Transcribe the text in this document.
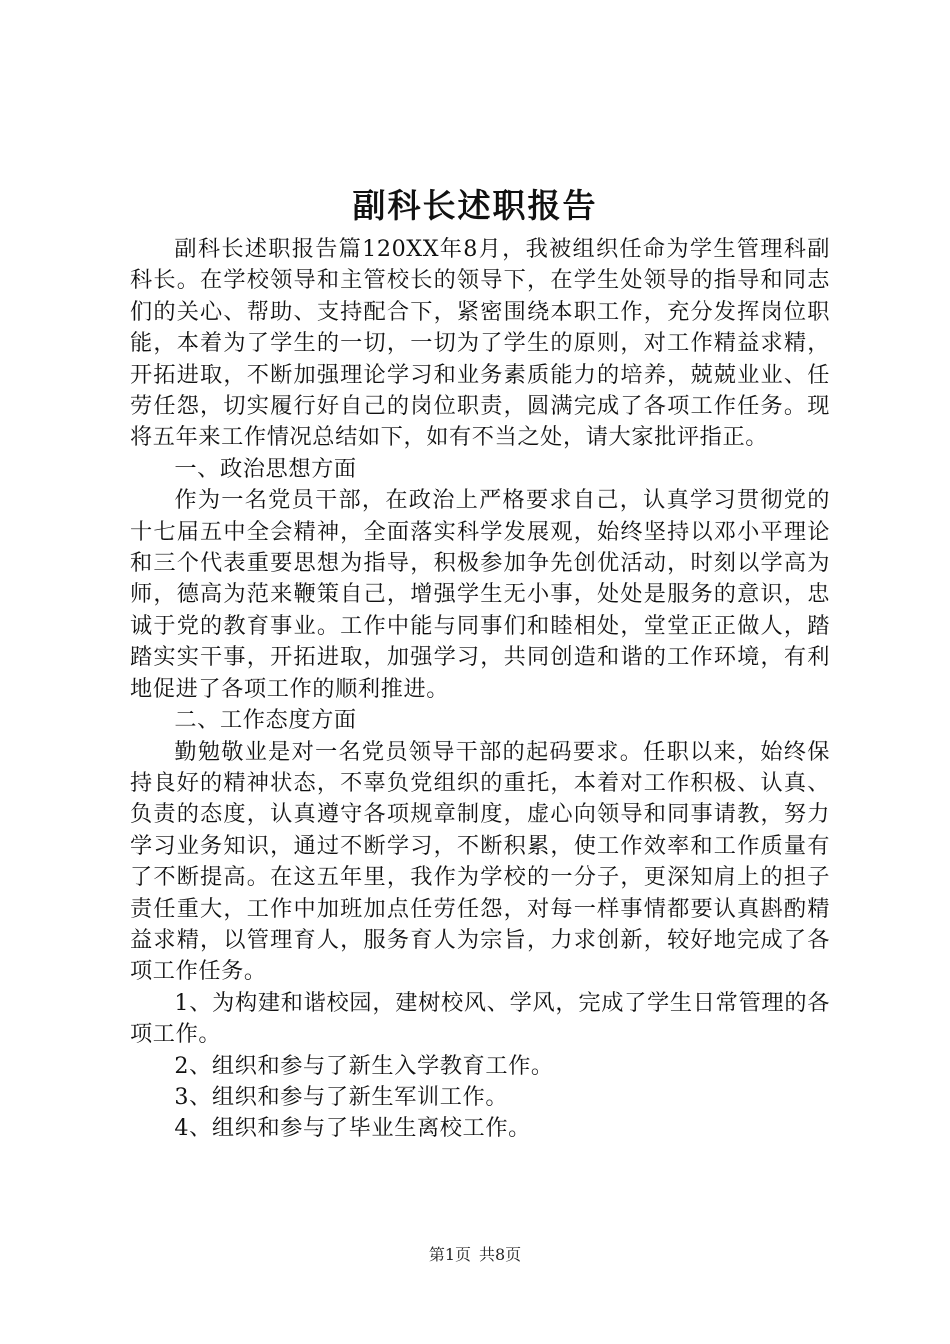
副科长述职报告

副科长述职报告篇120XX年8月，我被组织任命为学生管理科副科长。在学校领导和主管校长的领导下，在学生处领导的指导和同志们的关心、帮助、支持配合下，紧密围绕本职工作，充分发挥岗位职能，本着为了学生的一切，一切为了学生的原则，对工作精益求精，开拓进取，不断加强理论学习和业务素质能力的培养，兢兢业业、任劳任怨，切实履行好自己的岗位职责，圆满完成了各项工作任务。现将五年来工作情况总结如下，如有不当之处，请大家批评指正。

一、政治思想方面

作为一名党员干部，在政治上严格要求自己，认真学习贯彻党的十七届五中全会精神，全面落实科学发展观，始终坚持以邓小平理论和三个代表重要思想为指导，积极参加争先创优活动，时刻以学高为师，德高为范来鞭策自己，增强学生无小事，处处是服务的意识，忠诚于党的教育事业。工作中能与同事们和睦相处，堂堂正正做人，踏踏实实干事，开拓进取，加强学习，共同创造和谐的工作环境，有利地促进了各项工作的顺利推进。

二、工作态度方面

勤勉敬业是对一名党员领导干部的起码要求。任职以来，始终保持良好的精神状态，不辜负党组织的重托，本着对工作积极、认真、负责的态度，认真遵守各项规章制度，虚心向领导和同事请教，努力学习业务知识，通过不断学习，不断积累，使工作效率和工作质量有了不断提高。在这五年里，我作为学校的一分子，更深知肩上的担子责任重大，工作中加班加点任劳任怨，对每一样事情都要认真斟酌精益求精，以管理育人，服务育人为宗旨，力求创新，较好地完成了各项工作任务。

1、为构建和谐校园，建树校风、学风，完成了学生日常管理的各项工作。

2、组织和参与了新生入学教育工作。

3、组织和参与了新生军训工作。

4、组织和参与了毕业生离校工作。

第1页 共8页
